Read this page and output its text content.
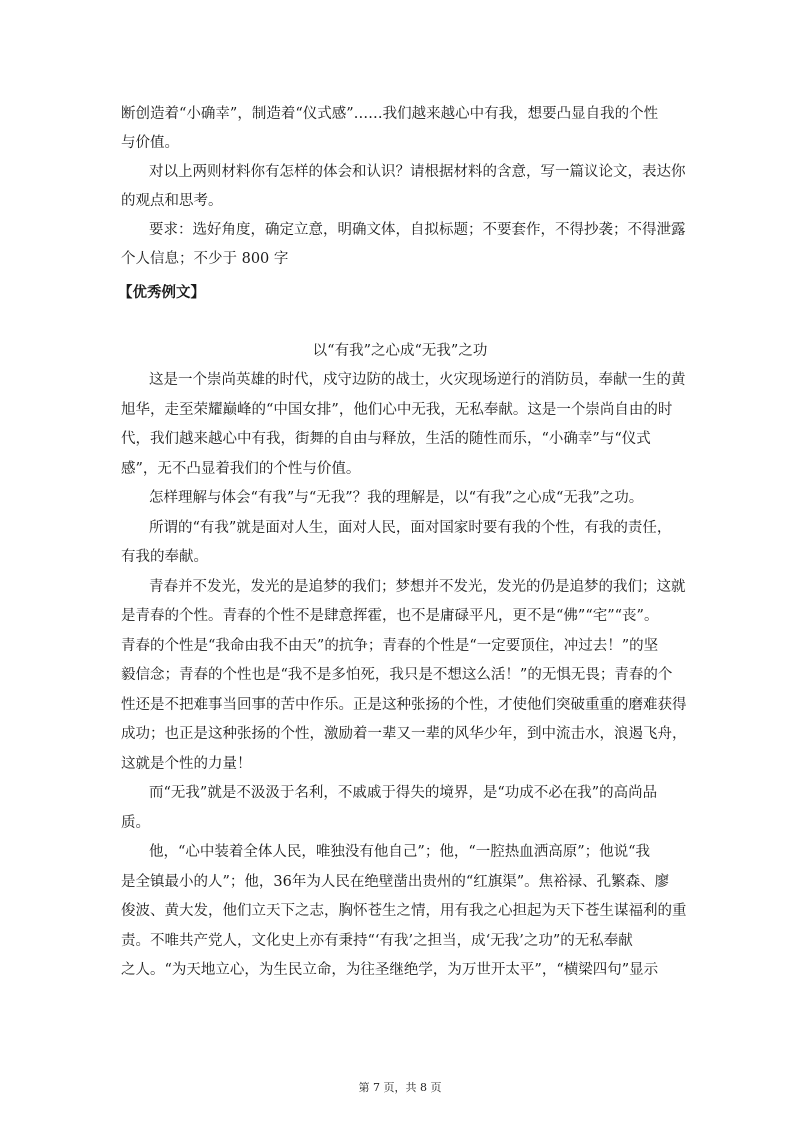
断创造着“小确幸”，制造着“仪式感”……我们越来越心中有我，想要凸显自我的个性
与价值。
对以上两则材料你有怎样的体会和认识？请根据材料的含意，写一篇议论文，表达你
的观点和思考。
要求：选好角度，确定立意，明确文体，自拟标题；不要套作，不得抄袭；不得泄露
个人信息；不少于 800 字
【优秀例文】
以“有我”之心成“无我”之功
这是一个崇尚英雄的时代，戍守边防的战士，火灾现场逆行的消防员，奉献一生的黄
旭华，走至荣耀巅峰的“中国女排”，他们心中无我，无私奉献。这是一个崇尚自由的时
代，我们越来越心中有我，街舞的自由与释放，生活的随性而乐，“小确幸”与“仪式
感”，无不凸显着我们的个性与价值。
怎样理解与体会“有我”与“无我”？我的理解是，以“有我”之心成“无我”之功。
所谓的“有我”就是面对人生，面对人民，面对国家时要有我的个性，有我的责任，
有我的奉献。
青春并不发光，发光的是追梦的我们；梦想并不发光，发光的仍是追梦的我们；这就
是青春的个性。青春的个性不是肆意挥霍，也不是庸碌平凡，更不是“佛”“宅”“丧”。
青春的个性是“我命由我不由天”的抗争；青春的个性是“一定要顶住，冲过去！”的坚
毅信念；青春的个性也是“我不是多怕死，我只是不想这么活！”的无惧无畏；青春的个
性还是不把难事当回事的苦中作乐。正是这种张扬的个性，才使他们突破重重的磨难获得
成功；也正是这种张扬的个性，激励着一辈又一辈的风华少年，到中流击水，浪遏飞舟，
这就是个性的力量！
而“无我”就是不汲汲于名利，不戚戚于得失的境界，是“功成不必在我”的高尚品
质。
他，“心中装着全体人民，唯独没有他自己”；他，“一腔热血洒高原”；他说“我
是全镇最小的人”；他，36年为人民在绝壁凿出贵州的“红旗渠”。焦裕禄、孔繁森、廖
俊波、黄大发，他们立天下之志，胸怀苍生之情，用有我之心担起为天下苍生谋福利的重
责。不唯共产党人，文化史上亦有秉持“‘有我’之担当，成‘无我’之功”的无私奉献
之人。“为天地立心，为生民立命，为往圣继绝学，为万世开太平”，“横梁四句”显示
第 7 页，共 8 页
